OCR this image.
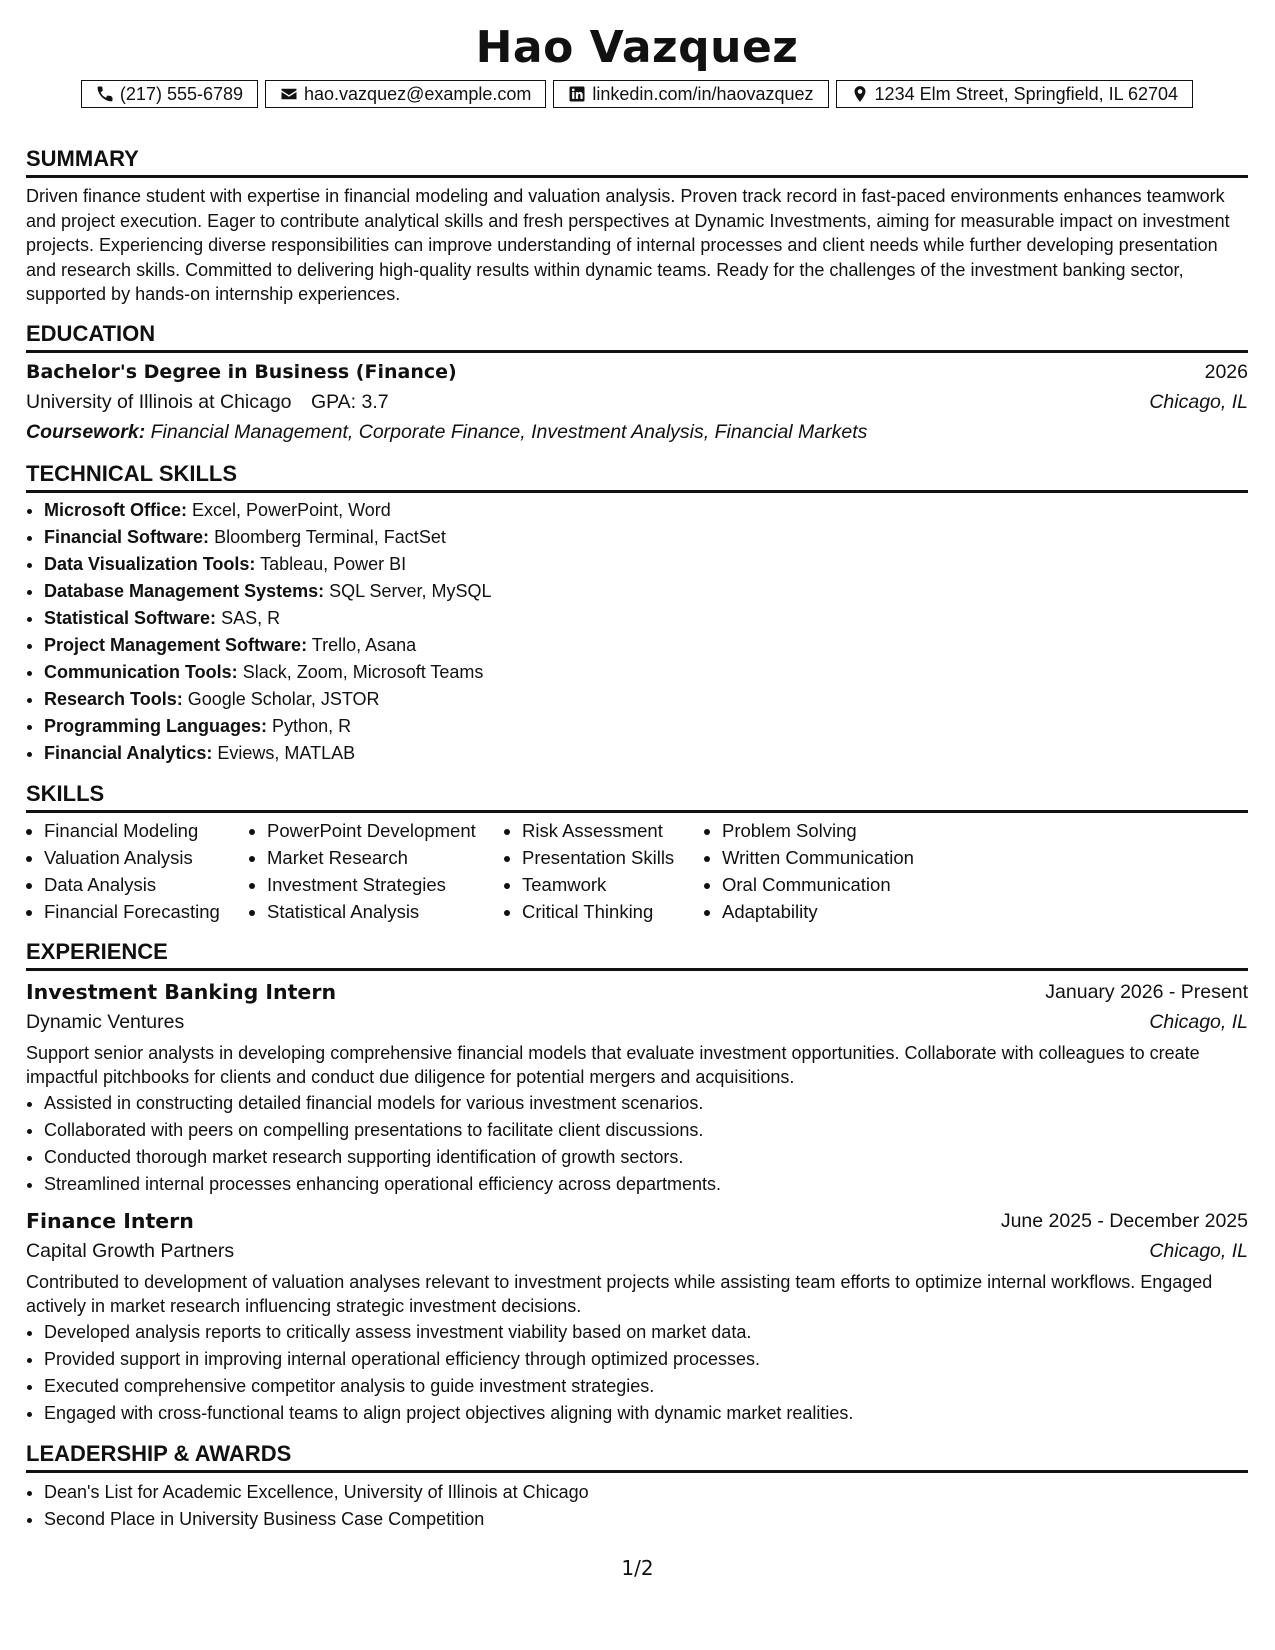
Hao Vazquez
(217) 555-6789	hao.vazquez@example.com	linkedin.com/in/haovazquez	1234 Elm Street, Springfield, IL 62704
SUMMARY

Driven finance student with expertise in financial modeling and valuation analysis. Proven track record in fast-paced environments enhances teamwork and project execution. Eager to contribute analytical skills and fresh perspectives at Dynamic Investments, aiming for measurable impact on investment projects. Experiencing diverse responsibilities can improve understanding of internal processes and client needs while further developing presentation and research skills. Committed to delivering high-quality results within dynamic teams. Ready for the challenges of the investment banking sector, supported by hands-on internship experiences.

EDUCATION
Bachelor's Degree in Business (Finance)	2026
University of Illinois at Chicago GPA: 3.7	Chicago, IL
Coursework: Financial Management, Corporate Finance, Investment Analysis, Financial Markets
TECHNICAL SKILLS
• Microsoft Office: Excel, PowerPoint, Word
• Financial Software: Bloomberg Terminal, FactSet
• Data Visualization Tools: Tableau, Power BI
• Database Management Systems: SQL Server, MySQL
• Statistical Software: SAS, R
• Project Management Software: Trello, Asana
• Communication Tools: Slack, Zoom, Microsoft Teams
• Research Tools: Google Scholar, JSTOR
• Programming Languages: Python, R
• Financial Analytics: Eviews, MATLAB
SKILLS
• Financial Modeling
• Valuation Analysis
• Data Analysis
• Financial Forecasting
• PowerPoint Development
• Market Research
• Investment Strategies
• Statistical Analysis
• Risk Assessment
• Presentation Skills
• Teamwork
• Critical Thinking
• Problem Solving
• Written Communication
• Oral Communication
• Adaptability
EXPERIENCE
Investment Banking Intern	January 2026 - Present
Dynamic Ventures	Chicago, IL

Support senior analysts in developing comprehensive financial models that evaluate investment opportunities. Collaborate with colleagues to create impactful pitchbooks for clients and conduct due diligence for potential mergers and acquisitions.

• Assisted in constructing detailed financial models for various investment scenarios.
• Collaborated with peers on compelling presentations to facilitate client discussions.
• Conducted thorough market research supporting identification of growth sectors.
• Streamlined internal processes enhancing operational efficiency across departments.
Finance Intern	June 2025 - December 2025
Capital Growth Partners	Chicago, IL

Contributed to development of valuation analyses relevant to investment projects while assisting team efforts to optimize internal workflows. Engaged actively in market research influencing strategic investment decisions.

• Developed analysis reports to critically assess investment viability based on market data.
• Provided support in improving internal operational efficiency through optimized processes.
• Executed comprehensive competitor analysis to guide investment strategies.
• Engaged with cross-functional teams to align project objectives aligning with dynamic market realities.
LEADERSHIP & AWARDS
• Dean's List for Academic Excellence, University of Illinois at Chicago
• Second Place in University Business Case Competition
1/2
